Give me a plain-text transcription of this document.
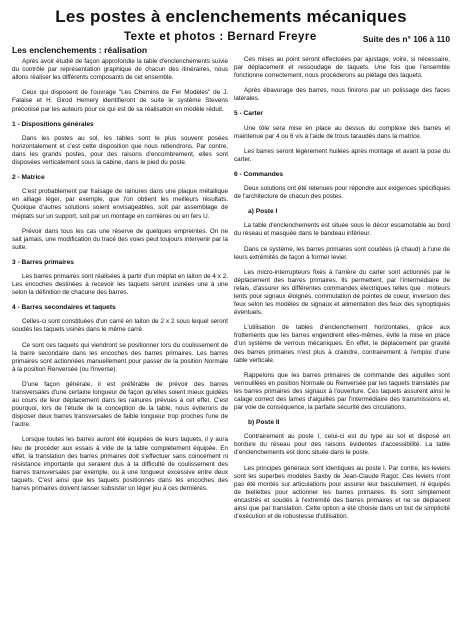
Les postes à enclenchements mécaniques
Texte et photos : Bernard Freyre	Suite des n° 106 à 110
Les enclenchements : réalisation

Après avoir étudié de façon approfondie la table d'enclenchements suivie du contrôle par représentation graphique de chacun des itinéraires, nous allons réaliser les différents composants de cet ensemble.

Ceux qui disposent de l'ouvrage "Les Chemins de Fer Modèles" de J. Falaise et H. Girod Hemery identifieront de suite le système Stevens préconisé par les auteurs pour ce qui est de sa réalisation en modèle réduit.

1 - Dispositions générales

Dans les postes au sol, les tables sont le plus souvent posées horizontalement et c'est cette disposition que nous retiendrons. Par contre, dans les grands postes, pour des raisons d'encombrement, elles sont disposées verticalement sous la cabine, dans le pied du poste.

2 - Matrice

C'est probablement par fraisage de rainures dans une plaque métallique en alliage léger, par exemple, que l'on obtient les meilleurs résultats. Quoique d'autres solutions soient envisageables, soit par assemblage de méplats sur un support, soit par un montage en cornières ou en fers U.

Prévoir dans tous les cas une réserve de quelques empreintes. On ne sait jamais, une modification du tracé des voies peut toujours intervenir par la suite.

3 - Barres primaires

Les barres primaires sont réalisées à partir d'un méplat en laiton de 4 x 2. Les encoches destinées à recevoir les taquets seront usinées une à une selon la définition de chacune des barres.

4 - Barres secondaires et taquets

Celles-ci sont constituées d'un carré en laiton de 2 x 2 sous lequel seront soudés les taquets usinés dans le même carré.

Ce sont ces taquets qui viendront se positionner lors du coulissement de la barre secondaire dans les encoches des barres primaires. Les barres primaires sont actionnées manuellement pour passer de la position Normale à la position Renversée (ou l'inverse).

D'une façon générale, il est préférable de prévoir des barres transversales d'une certaine longueur de façon qu'elles soient mieux guidées au cours de leur déplacement dans les rainures prévues à cet effet. C'est pourquoi, lors de l'étude de la conception de la table, nous éviterons de disposer deux barres transversales de faible longueur trop proches l'une de l'autre.

Lorsque toutes les barres auront été équipées de leurs taquets, il y aura lieu de procéder aux essais à vide de la table complètement équipée. En effet, la translation des barres primaires doit s'effectuer sans coincement ni résistance importante qui seraient dus à la difficulté de coulissement des barres transversales par exemple, ou à une longueur excessive entre deux taquets. C'est ainsi que les taquets positionnés dans les encoches des barres primaires doivent laisser subsister un léger jeu à ces dernières.

Ces mises au point seront effectuées par ajustage, voire, si nécessaire, par déplacement et ressoudage de taquets. Une fois que l'ensemble fonctionne correctement, nous procéderons au piétage des taquets.

Après ébavurage des barres, nous finirons par un polissage des faces latérales.

5 - Carter

Une tôle sera mise en place au dessus du complexe des barres et maintenue par 4 ou 6 vis à l'aide de trous taraudés dans la matrice.

Les barres seront légèrement huilées après montage et avant la pose du carter.

6 - Commandes

Deux solutions ont été retenues pour répondre aux exigences spécifiques de l'architecture de chacun des postes.

a) Poste I

La table d'enclenchements est située sous le décor escamotable au bord du réseau et masquée dans le bandeau inférieur.

Dans ce système, les barres primaires sont coudées (à chaud) à l'une de leurs extrémités de façon à former levier.

Les micro-interrupteurs fixés à l'arrière du carter sont actionnés par le déplacement des barres primaires. Ils permettent, par l'intermédiaire de relais, d'assurer les différentes commandes électriques telles que : moteurs lents pour signaux éloignés, commutation de pointes de coeur, inversion des feux selon les modèles de signaux et alimentation des feux des synoptiques éventuels.

L'utilisation de tables d'enclenchement horizontales, grâce aux frottements que les barres engendrent elles-mêmes, évite la mise en place d'un système de verrous mécaniques. En effet, le déplacement par gravité des barres primaires n'est plus à craindre, contrairement à l'emploi d'une table verticale.

Rappelons que les barres primaires de commande des aiguilles sont verrouillées en position Normale ou Renversée par les taquets translatés par les barres primaires des signaux à l'ouverture. Ces taquets assurent ainsi le calage correct des lames d'aiguilles par l'intermédiaire des transmissions et, par voie de conséquence, la parfaite sécurité des circulations.

b) Poste II

Contrairement au poste I, celui-ci est du type au sol et disposé en bordure du réseau pour des raisons évidentes d'accessibilité. La table d'enclenchements est donc située dans le poste.

Les principes généraux sont identiques au poste I. Par contre, les leviers sont les superbes modèles Saxby de Jean-Claude Ragot. Ces leviers n'ont pas été montés sur articulations pour assurer leur basculement, ni équipés de biellettes pour actionner les barres primaires. Ils sont simplement encastrés et soudés à l'extrémité des barres primaires et ne se déplacent ainsi que par translation. Cette option a été choisie dans un but de simplicité d'exécution et de robustesse d'utilisation.
